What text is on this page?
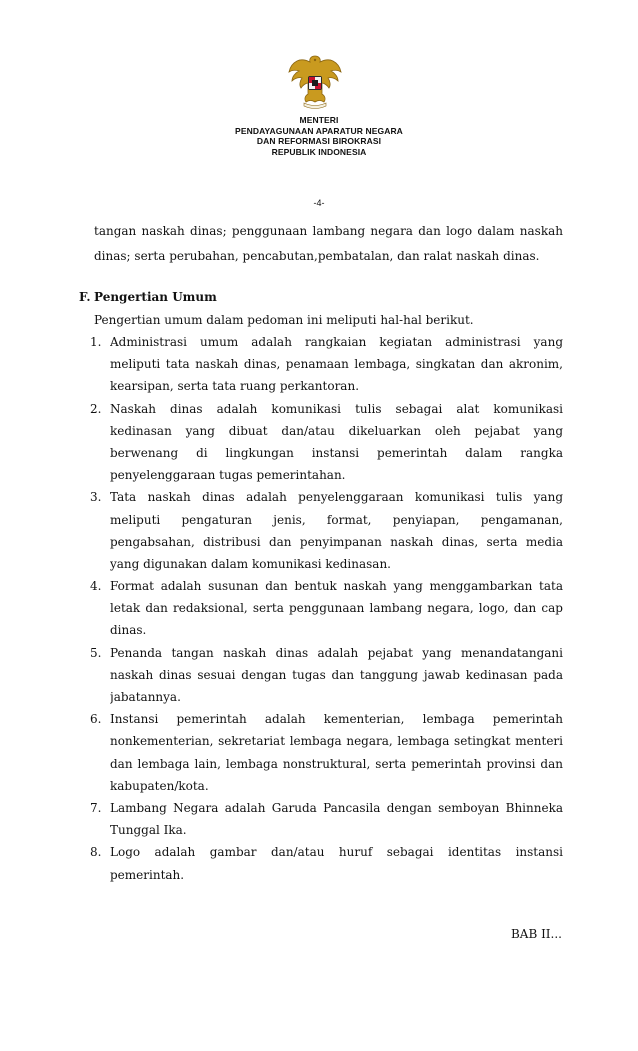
MENTERI
PENDAYAGUNAAN APARATUR NEGARA
DAN REFORMASI BIROKRASI
REPUBLIK INDONESIA
-4-
tangan naskah dinas; penggunaan lambang negara dan logo dalam naskah
dinas; serta perubahan, pencabutan,pembatalan, dan ralat naskah dinas.
F. Pengertian Umum
Pengertian umum dalam pedoman ini meliputi hal-hal berikut.
1. Administrasi umum adalah rangkaian kegiatan administrasi yang
meliputi tata naskah dinas, penamaan lembaga, singkatan dan akronim,
kearsipan, serta tata ruang perkantoran.
2. Naskah dinas adalah komunikasi tulis sebagai alat komunikasi
kedinasan yang dibuat dan/atau dikeluarkan oleh pejabat yang
berwenang di lingkungan instansi pemerintah dalam rangka
penyelenggaraan tugas pemerintahan.
3. Tata naskah dinas adalah penyelenggaraan komunikasi tulis yang
meliputi pengaturan jenis, format, penyiapan, pengamanan,
pengabsahan, distribusi dan penyimpanan naskah dinas, serta media
yang digunakan dalam komunikasi kedinasan.
4. Format adalah susunan dan bentuk naskah yang menggambarkan tata
letak dan redaksional, serta penggunaan lambang negara, logo, dan cap
dinas.
5. Penanda tangan naskah dinas adalah pejabat yang menandatangani
naskah dinas sesuai dengan tugas dan tanggung jawab kedinasan pada
jabatannya.
6. Instansi pemerintah adalah kementerian, lembaga pemerintah
nonkementerian, sekretariat lembaga negara, lembaga setingkat menteri
dan lembaga lain, lembaga nonstruktural, serta pemerintah provinsi dan
kabupaten/kota.
7. Lambang Negara adalah Garuda Pancasila dengan semboyan Bhinneka
Tunggal Ika.
8. Logo adalah gambar dan/atau huruf sebagai identitas instansi
pemerintah.
BAB II...
